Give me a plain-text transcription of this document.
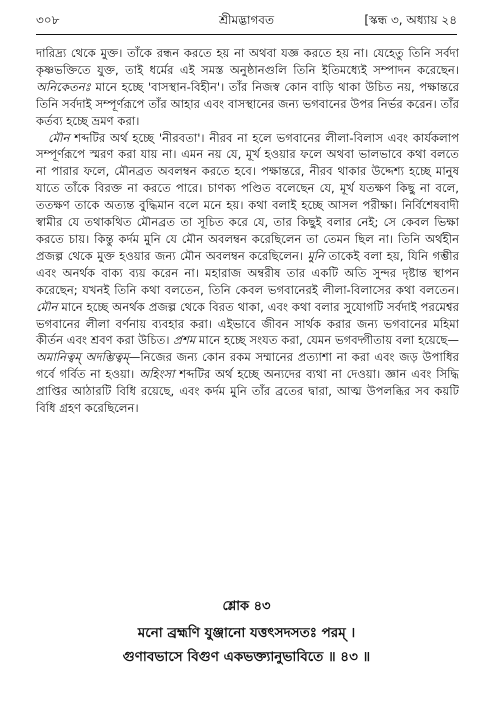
৩০৮	শ্রীমদ্ভাগবত	[স্কন্ধ ৩, অধ্যায় ২৪

দারিদ্র্য থেকে মুক্ত। তাঁকে রন্ধন করতে হয় না অথবা যজ্ঞ করতে হয় না। যেহেতু তিনি সর্বদা কৃষ্ণভক্তিতে যুক্ত, তাই ধর্মের এই সমস্ত অনুষ্ঠানগুলি তিনি ইতিমধ্যেই সম্পাদন করেছেন। অনিকেতনঃ মানে হচ্ছে 'বাসস্থান-বিহীন'। তাঁর নিজস্ব কোন বাড়ি থাকা উচিত নয়, পক্ষান্তরে তিনি সর্বদাই সম্পূর্ণরূপে তাঁর আহার এবং বাসস্থানের জন্য ভগবানের উপর নির্ভর করেন। তাঁর কর্তব্য হচ্ছে ভ্রমণ করা।

মৌন শব্দটির অর্থ হচ্ছে 'নীরবতা'। নীরব না হলে ভগবানের লীলা-বিলাস এবং কার্যকলাপ সম্পূর্ণরূপে স্মরণ করা যায় না। এমন নয় যে, মূর্খ হওয়ার ফলে অথবা ভালভাবে কথা বলতে না পারার ফলে, মৌনব্রত অবলম্বন করতে হবে। পক্ষান্তরে, নীরব থাকার উদ্দেশ্য হচ্ছে মানুষ যাতে তাঁকে বিরক্ত না করতে পারে। চাণক্য পণ্ডিত বলেছেন যে, মূর্খ যতক্ষণ কিছু না বলে, ততক্ষণ তাকে অত্যন্ত বুদ্ধিমান বলে মনে হয়। কথা বলাই হচ্ছে আসল পরীক্ষা। নির্বিশেষবাদী স্বামীর যে তথাকথিত মৌনব্রত তা সূচিত করে যে, তার কিছুই বলার নেই; সে কেবল ভিক্ষা করতে চায়। কিন্তু কর্দম মুনি যে মৌন অবলম্বন করেছিলেন তা তেমন ছিল না। তিনি অর্থহীন প্রজল্প থেকে মুক্ত হওয়ার জন্য মৌন অবলম্বন করেছিলেন। মুনি তাকেই বলা হয়, যিনি গম্ভীর এবং অনর্থক বাক্য ব্যয় করেন না। মহারাজ অম্বরীষ তার একটি অতি সুন্দর দৃষ্টান্ত স্থাপন করেছেন; যখনই তিনি কথা বলতেন, তিনি কেবল ভগবানেরই লীলা-বিলাসের কথা বলতেন। মৌন মানে হচ্ছে অনর্থক প্রজল্প থেকে বিরত থাকা, এবং কথা বলার সুযোগটি সর্বদাই পরমেশ্বর ভগবানের লীলা বর্ণনায় ব্যবহার করা। এইভাবে জীবন সার্থক করার জন্য ভগবানের মহিমা কীর্তন এবং শ্রবণ করা উচিত। প্রশম মানে হচ্ছে সংযত করা, যেমন ভগবদ্গীতায় বলা হয়েছে—অমানিত্বম্ অদম্ভিত্বম্—নিজের জন্য কোন রকম সম্মানের প্রত্যাশা না করা এবং জড় উপাধির গর্বে গর্বিত না হওয়া। অহিংসা শব্দটির অর্থ হচ্ছে অন্যদের ব্যথা না দেওয়া। জ্ঞান এবং সিদ্ধি প্রাপ্তির আঠারটি বিধি রয়েছে, এবং কর্দম মুনি তাঁর ব্রতের দ্বারা, আত্ম উপলব্ধির সব কয়টি বিধি গ্রহণ করেছিলেন।

শ্লোক ৪৩
মনো ব্রহ্মণি যুঞ্জানো যত্তৎসদসতঃ পরম্ ।
গুণাবভাসে বিগুণ একভক্ত্যানুভাবিতে ॥ ৪৩ ॥
